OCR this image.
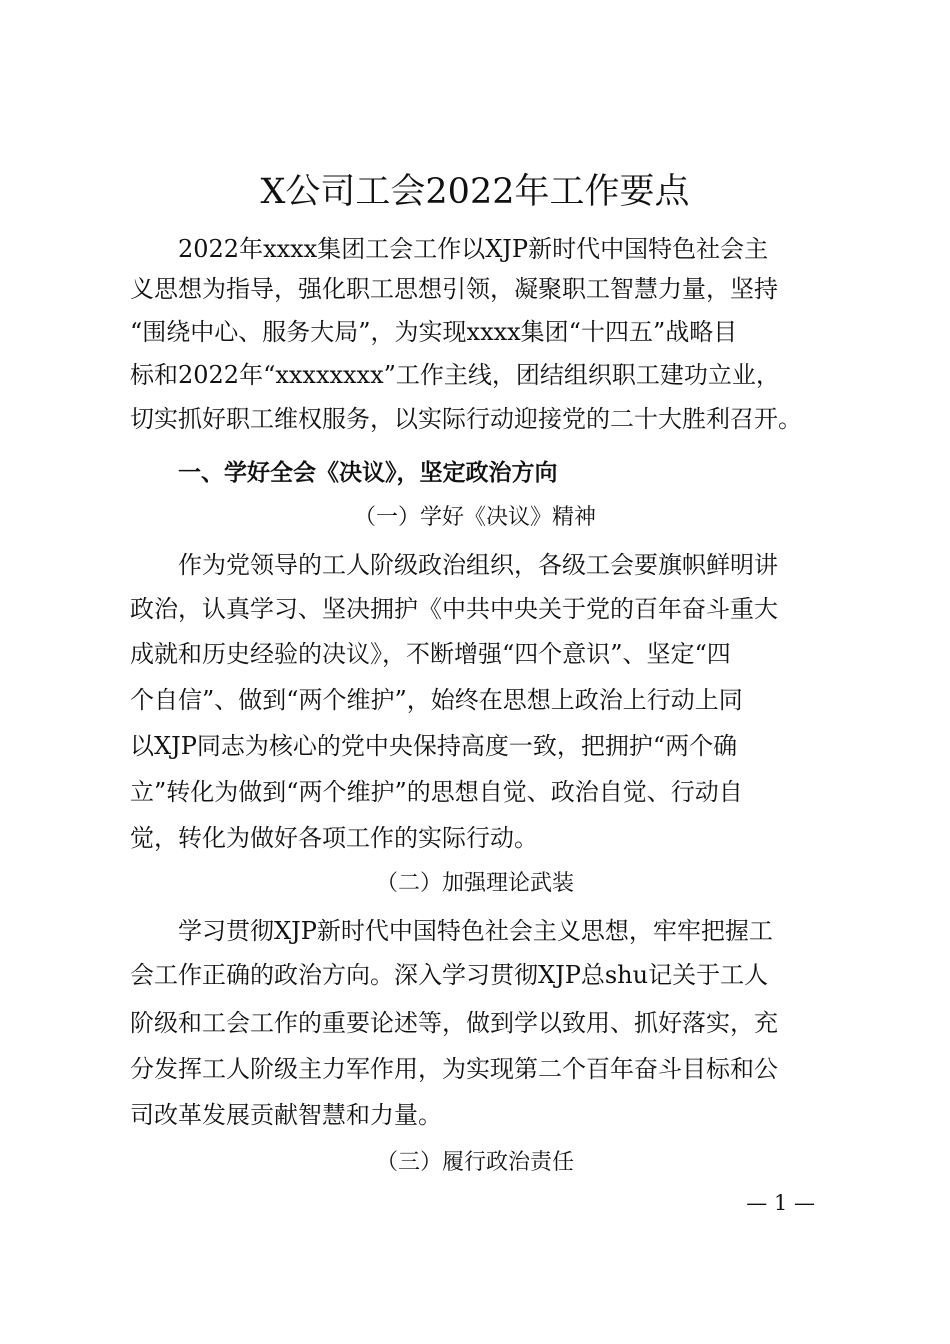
X公司工会2022年工作要点
2022年xxxx集团工会工作以XJP新时代中国特色社会主
义思想为指导，强化职工思想引领，凝聚职工智慧力量，坚持
“围绕中心、服务大局”，为实现xxxx集团“十四五”战略目
标和2022年“xxxxxxxx”工作主线，团结组织职工建功立业，
切实抓好职工维权服务，以实际行动迎接党的二十大胜利召开。
一、学好全会《决议》，坚定政治方向
（一）学好《决议》精神
作为党领导的工人阶级政治组织，各级工会要旗帜鲜明讲
政治，认真学习、坚决拥护《中共中央关于党的百年奋斗重大
成就和历史经验的决议》，不断增强“四个意识”、坚定“四
个自信”、做到“两个维护”，始终在思想上政治上行动上同
以XJP同志为核心的党中央保持高度一致，把拥护“两个确
立”转化为做到“两个维护”的思想自觉、政治自觉、行动自
觉，转化为做好各项工作的实际行动。
（二）加强理论武装
学习贯彻XJP新时代中国特色社会主义思想，牢牢把握工
会工作正确的政治方向。深入学习贯彻XJP总shu记关于工人
阶级和工会工作的重要论述等，做到学以致用、抓好落实，充
分发挥工人阶级主力军作用，为实现第二个百年奋斗目标和公
司改革发展贡献智慧和力量。
（三）履行政治责任
— 1 —
